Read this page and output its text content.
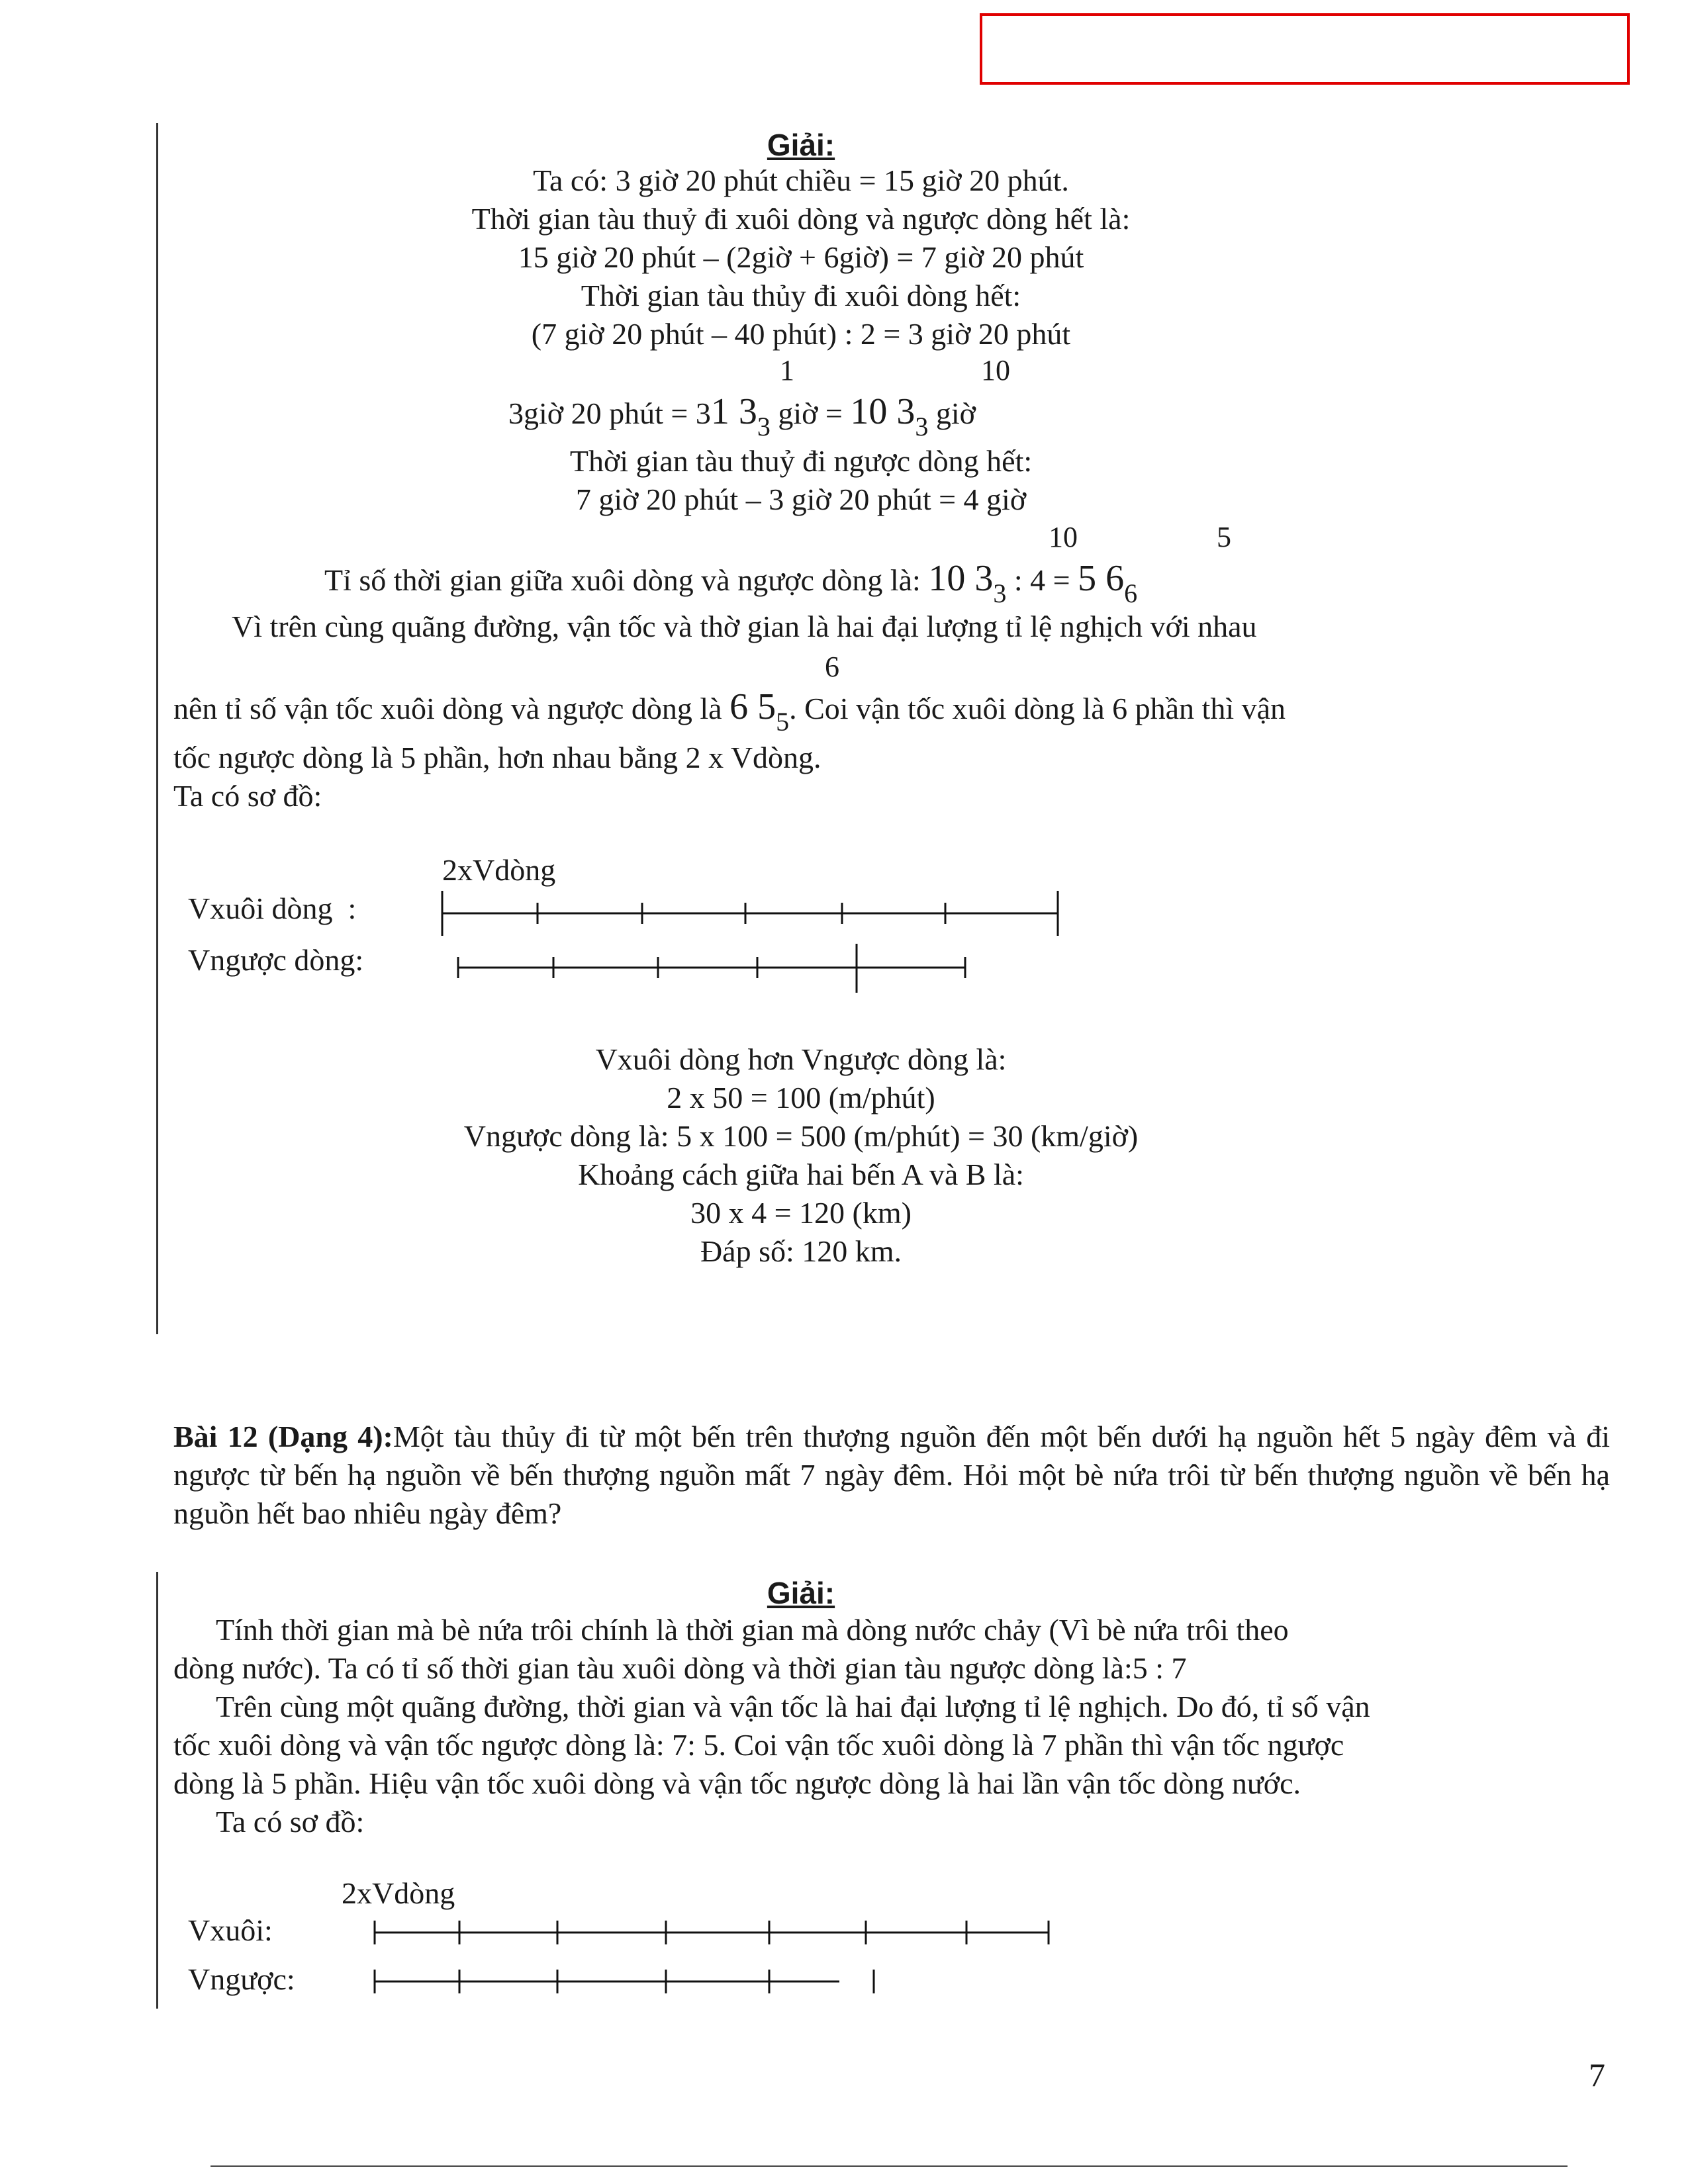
Giải:
Ta có: 3 giờ 20 phút chiều = 15 giờ 20 phút.
Thời gian tàu thuỷ đi xuôi dòng và ngược dòng hết là:
15 giờ 20 phút – (2giờ + 6giờ) = 7 giờ 20 phút
Thời gian tàu thủy đi xuôi dòng hết:
(7 giờ 20 phút – 40 phút) : 2 = 3 giờ 20 phút
1	10
3giờ 20 phút = 31 33 giờ = 10 33 giờ
Thời gian tàu thuỷ đi ngược dòng hết:
7 giờ 20 phút – 3 giờ 20 phút = 4 giờ
10	5
Tỉ số thời gian giữa xuôi dòng và ngược dòng là: 10 33 : 4 = 5 66
Vì trên cùng quãng đường, vận tốc và thờ gian là hai đại lượng tỉ lệ nghịch với nhau
6
nên tỉ số vận tốc xuôi dòng và ngược dòng là 6 55. Coi vận tốc xuôi dòng là 6 phần thì vận
tốc ngược dòng là 5 phần, hơn nhau bằng 2 x Vdòng.
Ta có sơ đồ:
2xVdòng
Vxuôi dòng  :
Vngược dòng:
Vxuôi dòng hơn Vngược dòng là:
2 x 50 = 100 (m/phút)
Vngược dòng là: 5 x 100 = 500 (m/phút) = 30 (km/giờ)
Khoảng cách giữa hai bến A và B là:
30 x 4 = 120 (km)
Đáp số: 120 km.
Bài 12 (Dạng 4):Một tàu thủy đi từ một bến trên thượng nguồn đến một bến dưới hạ nguồn hết 5 ngày đêm và đi ngược từ bến hạ nguồn về bến thượng nguồn mất 7 ngày đêm. Hỏi một bè nứa trôi từ bến thượng nguồn về bến hạ nguồn hết bao nhiêu ngày đêm?
Giải:
Tính thời gian mà bè nứa trôi chính là thời gian mà dòng nước chảy (Vì bè nứa trôi theo
dòng nước). Ta có tỉ số thời gian tàu xuôi dòng và thời gian tàu ngược dòng là:5 : 7
Trên cùng một quãng đường, thời gian và vận tốc là hai đại lượng tỉ lệ nghịch. Do đó, tỉ số vận
tốc xuôi dòng và vận tốc ngược dòng là: 7: 5. Coi vận tốc xuôi dòng là 7 phần thì vận tốc ngược
dòng là 5 phần. Hiệu vận tốc xuôi dòng và vận tốc ngược dòng là hai lần vận tốc dòng nước.
Ta có sơ đồ:
2xVdòng
Vxuôi:
Vngược:
7
